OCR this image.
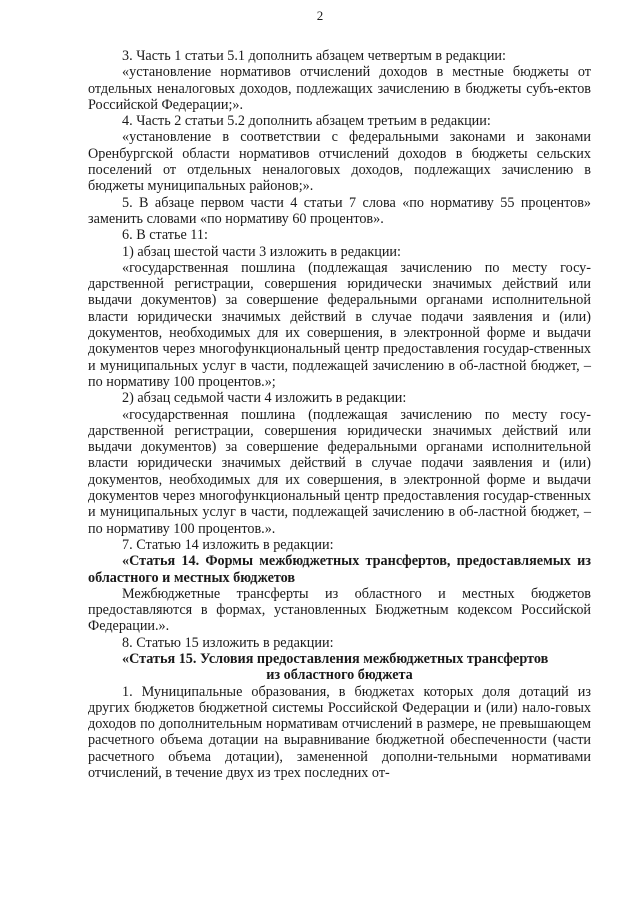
2

3. Часть 1 статьи 5.1 дополнить абзацем четвертым в редакции:

«установление нормативов отчислений доходов в местные бюджеты от отдельных неналоговых доходов, подлежащих зачислению в бюджеты субъ-ектов Российской Федерации;».

4. Часть 2 статьи 5.2 дополнить абзацем третьим в редакции:

«установление в соответствии с федеральными законами и законами Оренбургской области нормативов отчислений доходов в бюджеты сельских поселений от отдельных неналоговых доходов, подлежащих зачислению в бюджеты муниципальных районов;».

5. В абзаце первом части 4 статьи 7 слова «по нормативу 55 процентов» заменить словами «по нормативу 60 процентов».

6. В статье 11:

1) абзац шестой части 3 изложить в редакции:

«государственная пошлина (подлежащая зачислению по месту госу-дарственной регистрации, совершения юридически значимых действий или выдачи документов) за совершение федеральными органами исполнительной власти юридически значимых действий в случае подачи заявления и (или) документов, необходимых для их совершения, в электронной форме и выдачи документов через многофункциональный центр предоставления государ-ственных и муниципальных услуг в части, подлежащей зачислению в об-ластной бюджет, – по нормативу 100 процентов.»;

2) абзац седьмой части 4 изложить в редакции:

«государственная пошлина (подлежащая зачислению по месту госу-дарственной регистрации, совершения юридически значимых действий или выдачи документов) за совершение федеральными органами исполнительной власти юридически значимых действий в случае подачи заявления и (или) документов, необходимых для их совершения, в электронной форме и выдачи документов через многофункциональный центр предоставления государ-ственных и муниципальных услуг в части, подлежащей зачислению в об-ластной бюджет, – по нормативу 100 процентов.».

7. Статью 14 изложить в редакции:

«Статья 14. Формы межбюджетных трансфертов, предоставляемых из областного и местных бюджетов

Межбюджетные трансферты из областного и местных бюджетов предоставляются в формах, установленных Бюджетным кодексом Российской Федерации.».

8. Статью 15 изложить в редакции:

«Статья 15. Условия предоставления межбюджетных трансфертов

из областного бюджета

1. Муниципальные образования, в бюджетах которых доля дотаций из других бюджетов бюджетной системы Российской Федерации и (или) нало-говых доходов по дополнительным нормативам отчислений в размере, не превышающем расчетного объема дотации на выравнивание бюджетной обеспеченности (части расчетного объема дотации), замененной дополни-тельными нормативами отчислений, в течение двух из трех последних от-
